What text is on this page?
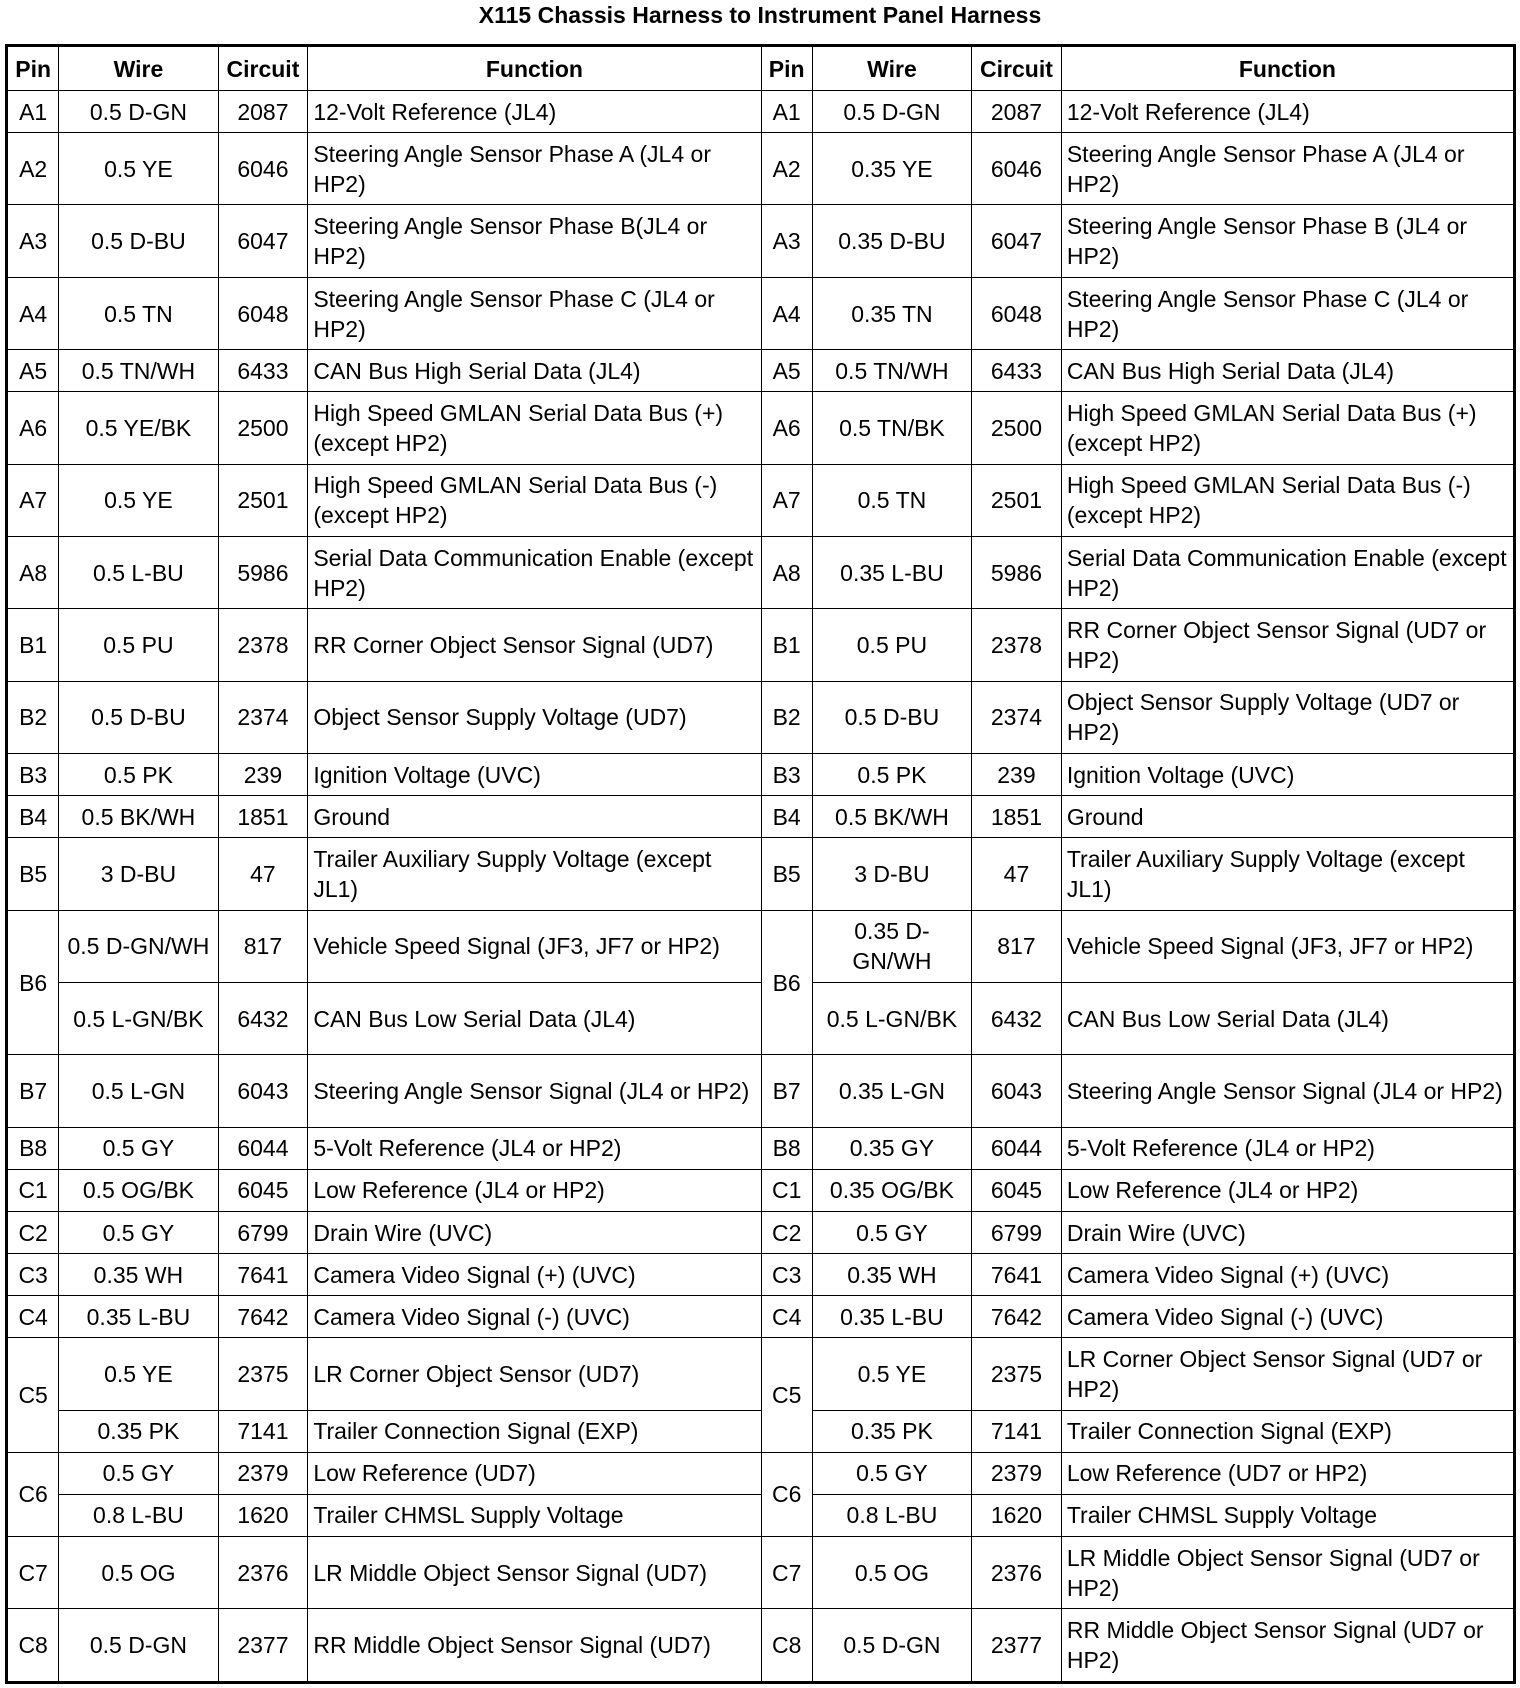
X115 Chassis Harness to Instrument Panel Harness
Pin	Wire	Circuit	Function	Pin	Wire	Circuit	Function
A1	0.5 D-GN	2087	12-Volt Reference (JL4)	A1	0.5 D-GN	2087	12-Volt Reference (JL4)
A2	0.5 YE	6046	Steering Angle Sensor Phase A (JL4 or HP2)	A2	0.35 YE	6046	Steering Angle Sensor Phase A (JL4 or HP2)
A3	0.5 D-BU	6047	Steering Angle Sensor Phase B(JL4 or HP2)	A3	0.35 D-BU	6047	Steering Angle Sensor Phase B (JL4 or HP2)
A4	0.5 TN	6048	Steering Angle Sensor Phase C (JL4 or HP2)	A4	0.35 TN	6048	Steering Angle Sensor Phase C (JL4 or HP2)
A5	0.5 TN/WH	6433	CAN Bus High Serial Data (JL4)	A5	0.5 TN/WH	6433	CAN Bus High Serial Data (JL4)
A6	0.5 YE/BK	2500	High Speed GMLAN Serial Data Bus (+) (except HP2)	A6	0.5 TN/BK	2500	High Speed GMLAN Serial Data Bus (+) (except HP2)
A7	0.5 YE	2501	High Speed GMLAN Serial Data Bus (-) (except HP2)	A7	0.5 TN	2501	High Speed GMLAN Serial Data Bus (-) (except HP2)
A8	0.5 L-BU	5986	Serial Data Communication Enable (except HP2)	A8	0.35 L-BU	5986	Serial Data Communication Enable (except HP2)
B1	0.5 PU	2378	RR Corner Object Sensor Signal (UD7)	B1	0.5 PU	2378	RR Corner Object Sensor Signal (UD7 or HP2)
B2	0.5 D-BU	2374	Object Sensor Supply Voltage (UD7)	B2	0.5 D-BU	2374	Object Sensor Supply Voltage (UD7 or HP2)
B3	0.5 PK	239	Ignition Voltage (UVC)	B3	0.5 PK	239	Ignition Voltage (UVC)
B4	0.5 BK/WH	1851	Ground	B4	0.5 BK/WH	1851	Ground
B5	3 D-BU	47	Trailer Auxiliary Supply Voltage (except JL1)	B5	3 D-BU	47	Trailer Auxiliary Supply Voltage (except JL1)
B6	0.5 D-GN/WH	817	Vehicle Speed Signal (JF3, JF7 or HP2)	B6	0.35 D-GN/WH	817	Vehicle Speed Signal (JF3, JF7 or HP2)
	0.5 L-GN/BK	6432	CAN Bus Low Serial Data (JL4)		0.5 L-GN/BK	6432	CAN Bus Low Serial Data (JL4)
B7	0.5 L-GN	6043	Steering Angle Sensor Signal (JL4 or HP2)	B7	0.35 L-GN	6043	Steering Angle Sensor Signal (JL4 or HP2)
B8	0.5 GY	6044	5-Volt Reference (JL4 or HP2)	B8	0.35 GY	6044	5-Volt Reference (JL4 or HP2)
C1	0.5 OG/BK	6045	Low Reference (JL4 or HP2)	C1	0.35 OG/BK	6045	Low Reference (JL4 or HP2)
C2	0.5 GY	6799	Drain Wire (UVC)	C2	0.5 GY	6799	Drain Wire (UVC)
C3	0.35 WH	7641	Camera Video Signal (+) (UVC)	C3	0.35 WH	7641	Camera Video Signal (+) (UVC)
C4	0.35 L-BU	7642	Camera Video Signal (-) (UVC)	C4	0.35 L-BU	7642	Camera Video Signal (-) (UVC)
C5	0.5 YE	2375	LR Corner Object Sensor (UD7)	C5	0.5 YE	2375	LR Corner Object Sensor Signal (UD7 or HP2)
	0.35 PK	7141	Trailer Connection Signal (EXP)		0.35 PK	7141	Trailer Connection Signal (EXP)
C6	0.5 GY	2379	Low Reference (UD7)	C6	0.5 GY	2379	Low Reference (UD7 or HP2)
	0.8 L-BU	1620	Trailer CHMSL Supply Voltage		0.8 L-BU	1620	Trailer CHMSL Supply Voltage
C7	0.5 OG	2376	LR Middle Object Sensor Signal (UD7)	C7	0.5 OG	2376	LR Middle Object Sensor Signal (UD7 or HP2)
C8	0.5 D-GN	2377	RR Middle Object Sensor Signal (UD7)	C8	0.5 D-GN	2377	RR Middle Object Sensor Signal (UD7 or HP2)
